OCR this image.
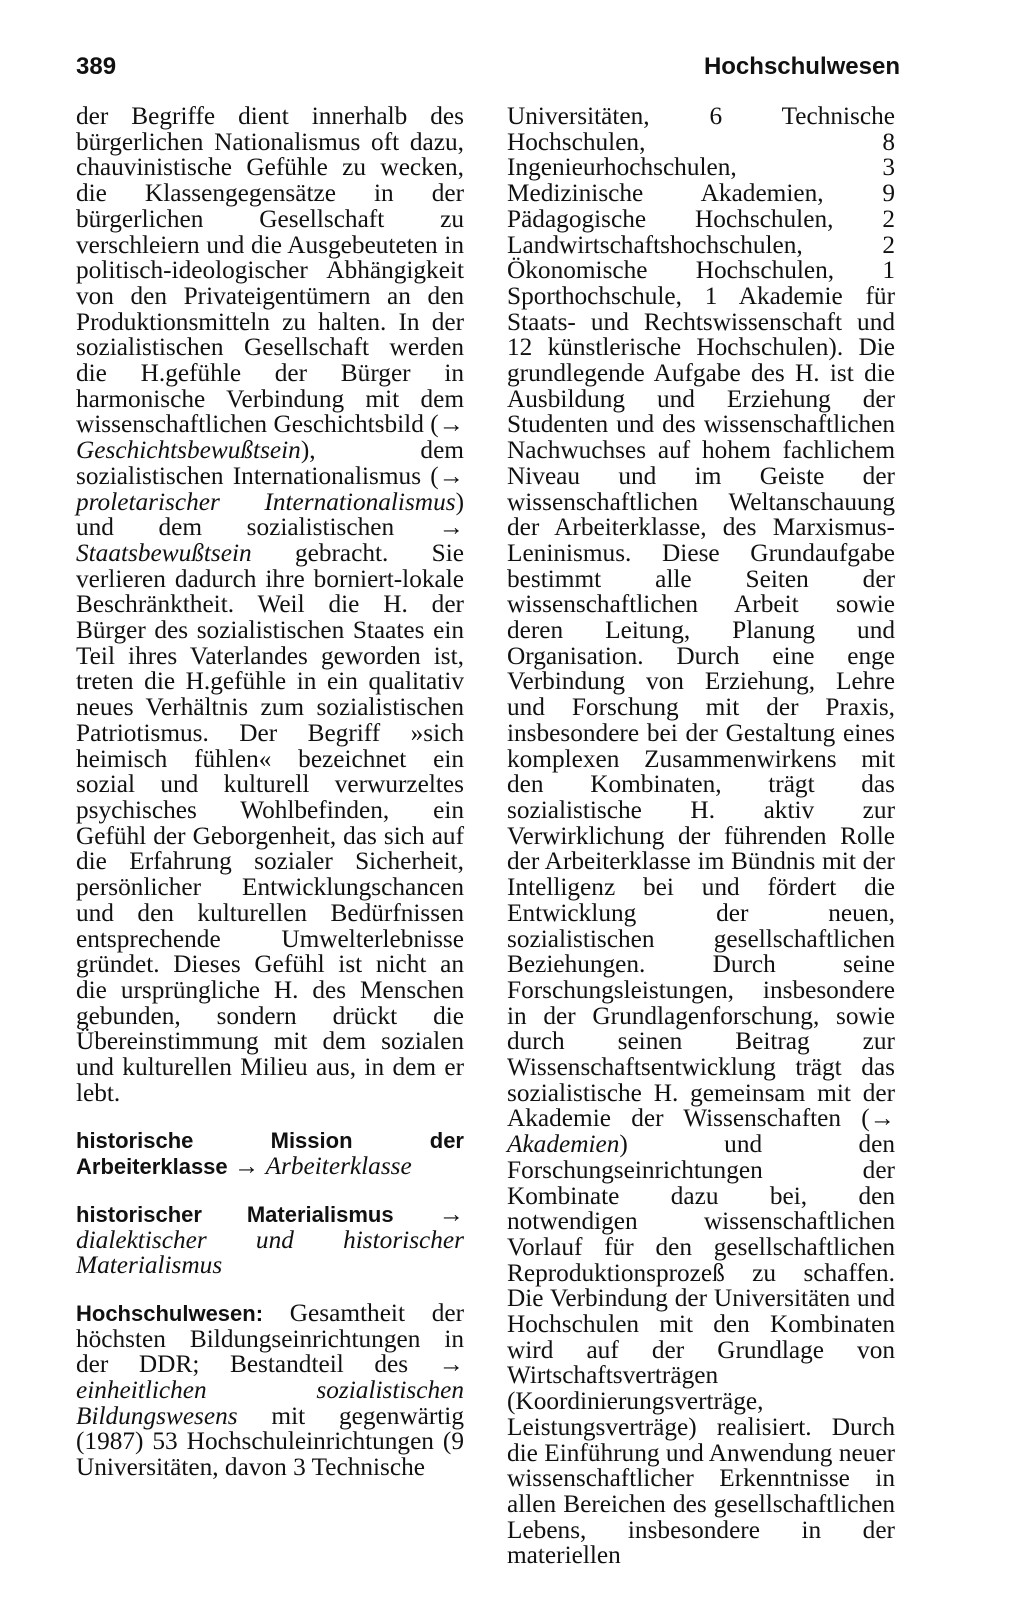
389	Hochschulwesen

der Begriffe dient innerhalb des bürgerlichen Nationalismus oft dazu, chauvinistische Gefühle zu wecken, die Klassengegensätze in der bürgerlichen Gesellschaft zu verschleiern und die Ausgebeuteten in politisch-ideologischer Abhängigkeit von den Privateigentümern an den Produktionsmitteln zu halten. In der sozialistischen Gesellschaft werden die H.gefühle der Bürger in harmonische Verbindung mit dem wissenschaftlichen Geschichtsbild (→ Geschichtsbewußtsein), dem sozialistischen Internationalismus (→ proletarischer Internationalismus) und dem sozialistischen → Staatsbewußtsein gebracht. Sie verlieren dadurch ihre borniert-lokale Beschränktheit. Weil die H. der Bürger des sozialistischen Staates ein Teil ihres Vaterlandes geworden ist, treten die H.gefühle in ein qualitativ neues Verhältnis zum sozialistischen Patriotismus. Der Begriff »sich heimisch fühlen« bezeichnet ein sozial und kulturell verwurzeltes psychisches Wohlbefinden, ein Gefühl der Geborgenheit, das sich auf die Erfahrung sozialer Sicherheit, persönlicher Entwicklungschancen und den kulturellen Bedürfnissen entsprechende Umwelterlebnisse gründet. Dieses Gefühl ist nicht an die ursprüngliche H. des Menschen gebunden, sondern drückt die Übereinstimmung mit dem sozialen und kulturellen Milieu aus, in dem er lebt.

historische Mission der Arbeiterklasse → Arbeiterklasse

historischer Materialismus → dialektischer und historischer Materialismus

Hochschulwesen: Gesamtheit der höchsten Bildungseinrichtungen in der DDR; Bestandteil des → einheitlichen sozialistischen Bildungswesens mit gegenwärtig (1987) 53 Hochschuleinrichtungen (9 Universitäten, davon 3 Technische

Universitäten, 6 Technische Hochschulen, 8 Ingenieurhochschulen, 3 Medizinische Akademien, 9 Pädagogische Hochschulen, 2 Landwirtschaftshochschulen, 2 Ökonomische Hochschulen, 1 Sporthochschule, 1 Akademie für Staats- und Rechtswissenschaft und 12 künstlerische Hochschulen). Die grundlegende Aufgabe des H. ist die Ausbildung und Erziehung der Studenten und des wissenschaftlichen Nachwuchses auf hohem fachlichem Niveau und im Geiste der wissenschaftlichen Weltanschauung der Arbeiterklasse, des Marxismus-Leninismus. Diese Grundaufgabe bestimmt alle Seiten der wissenschaftlichen Arbeit sowie deren Leitung, Planung und Organisation. Durch eine enge Verbindung von Erziehung, Lehre und Forschung mit der Praxis, insbesondere bei der Gestaltung eines komplexen Zusammenwirkens mit den Kombinaten, trägt das sozialistische H. aktiv zur Verwirklichung der führenden Rolle der Arbeiterklasse im Bündnis mit der Intelligenz bei und fördert die Entwicklung der neuen, sozialistischen gesellschaftlichen Beziehungen. Durch seine Forschungsleistungen, insbesondere in der Grundlagenforschung, sowie durch seinen Beitrag zur Wissenschaftsentwicklung trägt das sozialistische H. gemeinsam mit der Akademie der Wissenschaften (→ Akademien) und den Forschungseinrichtungen der Kombinate dazu bei, den notwendigen wissenschaftlichen Vorlauf für den gesellschaftlichen Reproduktionsprozeß zu schaffen. Die Verbindung der Universitäten und Hochschulen mit den Kombinaten wird auf der Grundlage von Wirtschaftsverträgen (Koordinierungsverträge, Leistungsverträge) realisiert. Durch die Einführung und Anwendung neuer wissenschaftlicher Erkenntnisse in allen Bereichen des gesellschaftlichen Lebens, insbesondere in der materiellen
